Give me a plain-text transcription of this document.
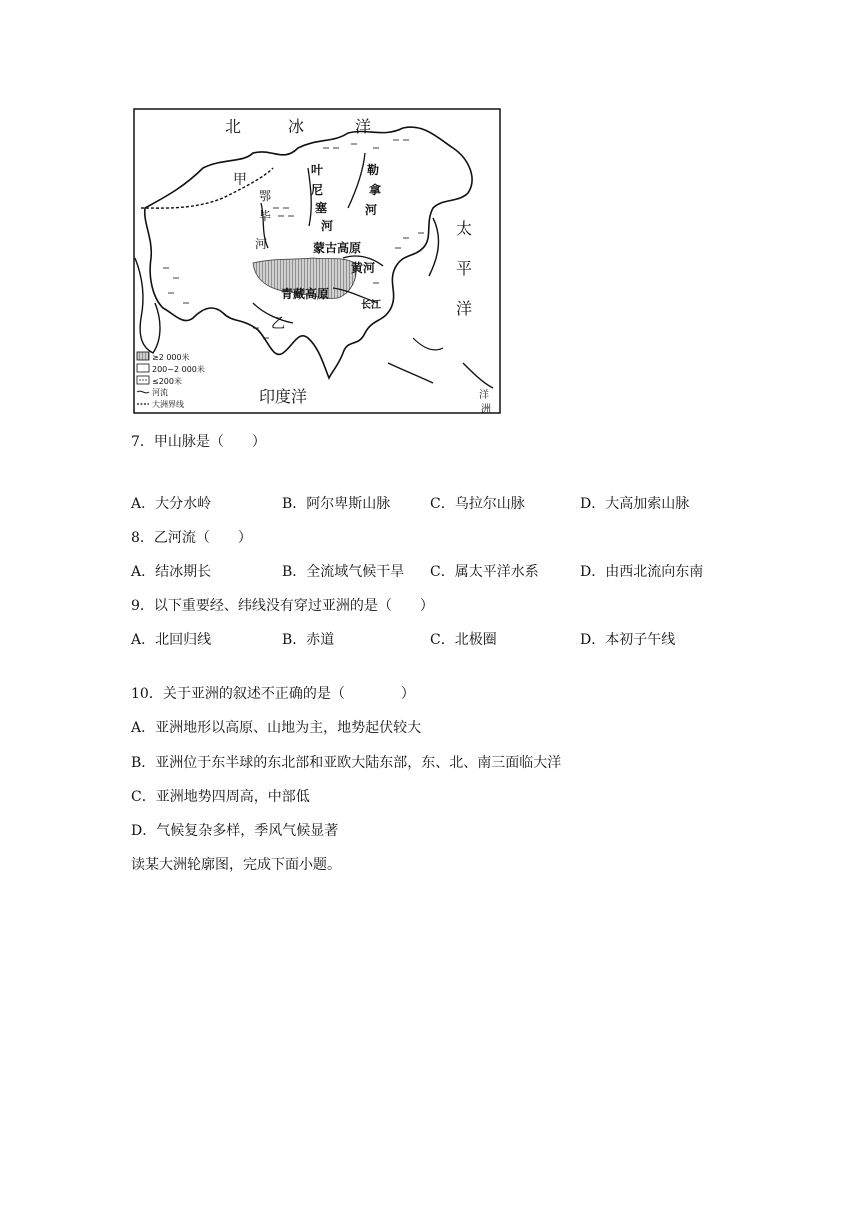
北	冰	洋
太
平
洋
印度洋
甲
乙
鄂
毕
河
叶
尼
塞
河
勒
拿
河
蒙古高原
青藏高原
黄河
长江
洋
洲
≥2 000米
200~2 000米
≤200米
河流
大洲界线
7．甲山脉是（　　）
A．大分水岭	B．阿尔卑斯山脉	C．乌拉尔山脉	D．大高加索山脉
8．乙河流（　　）
A．结冰期长	B．全流域气候干旱 C．属太平洋水系	D．由西北流向东南
9．以下重要经、纬线没有穿过亚洲的是（　　）
A．北回归线	B．赤道	C．北极圈	D．本初子午线
10．关于亚洲的叙述不正确的是（　　　　）
A．亚洲地形以高原、山地为主，地势起伏较大
B．亚洲位于东半球的东北部和亚欧大陆东部，东、北、南三面临大洋
C．亚洲地势四周高，中部低
D．气候复杂多样，季风气候显著
读某大洲轮廓图，完成下面小题。
